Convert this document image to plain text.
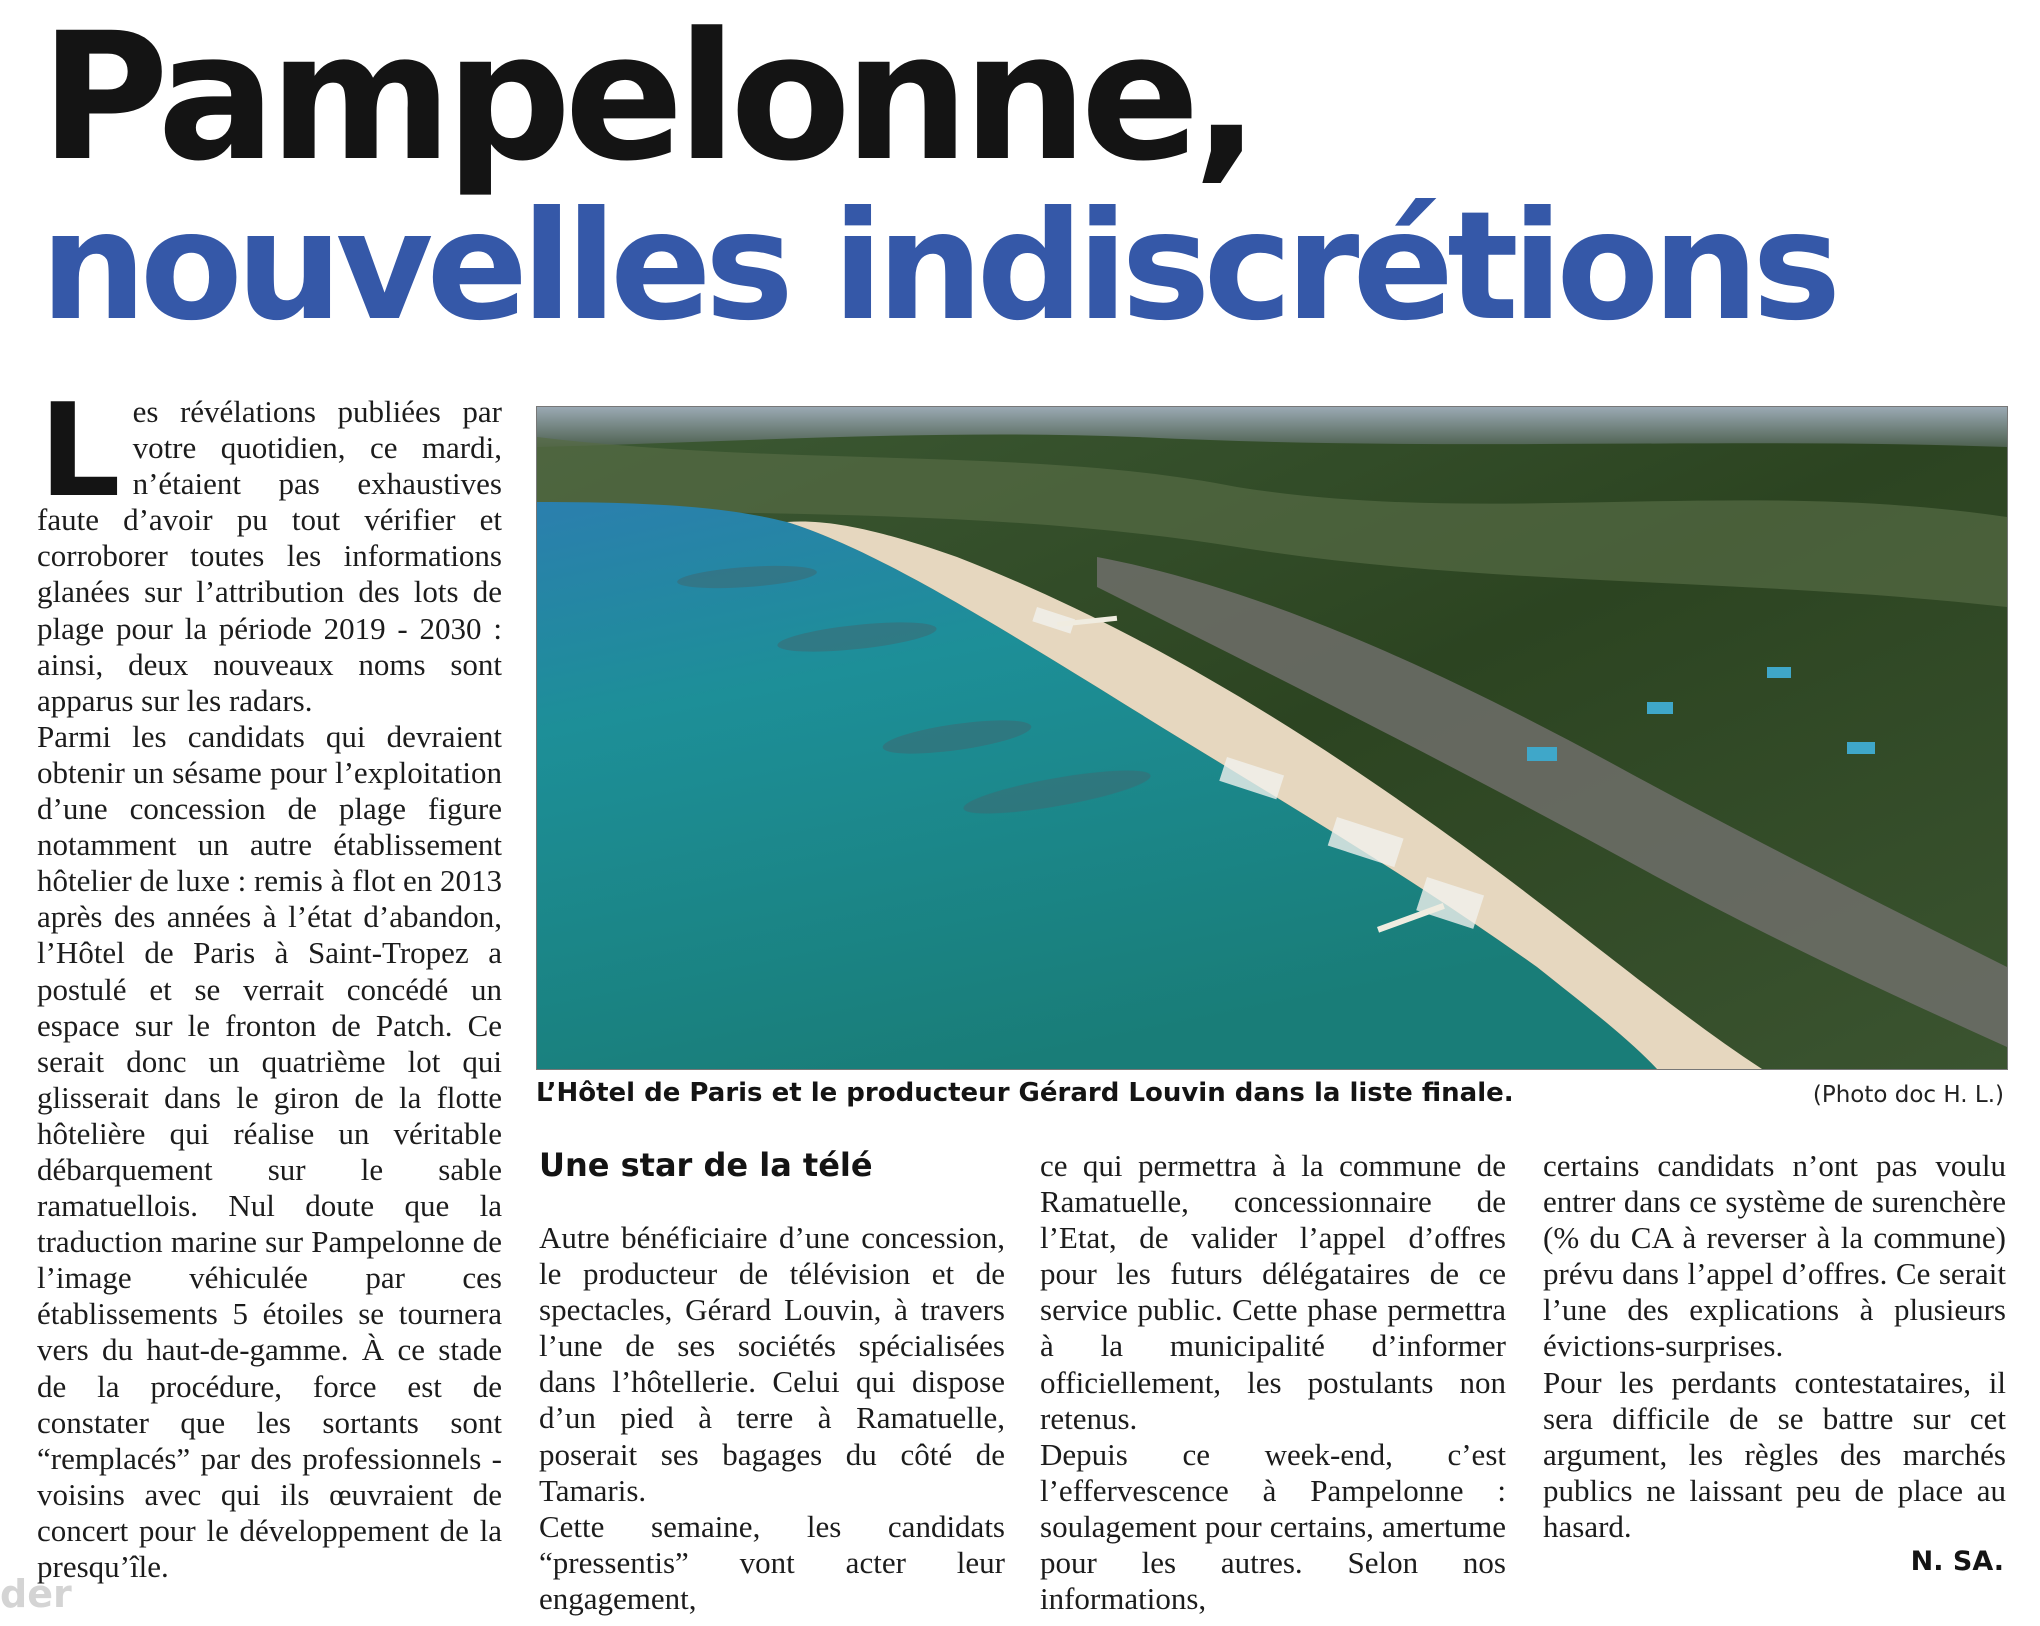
Pampelonne,
nouvelles indiscrétions
L es révélations publiées par votre quotidien, ce mardi, n’étaient pas exhaustives faute d’avoir pu tout vérifier et corroborer toutes les informations glanées sur l’attribution des lots de plage pour la période 2019 - 2030 : ainsi, deux nouveaux noms sont apparus sur les radars.

Parmi les candidats qui devraient obtenir un sésame pour l’exploitation d’une concession de plage figure notamment un autre établissement hôtelier de luxe : remis à flot en 2013 après des années à l’état d’abandon, l’Hôtel de Paris à Saint-Tropez a postulé et se verrait concédé un espace sur le fronton de Patch. Ce serait donc un quatrième lot qui glisserait dans le giron de la flotte hôtelière qui réalise un véritable débarquement sur le sable ramatuellois. Nul doute que la traduction marine sur Pampelonne de l’image véhiculée par ces établissements 5 étoiles se tournera vers du haut-de-gamme. À ce stade de la procédure, force est de constater que les sortants sont “remplacés” par des professionnels - voisins avec qui ils œuvraient de concert pour le développement de la presqu’île.

L’Hôtel de Paris et le producteur Gérard Louvin dans la liste finale.	(Photo doc H. L.)

Une star de la télé

Autre bénéficiaire d’une concession, le producteur de télévision et de spectacles, Gérard Louvin, à travers l’une de ses sociétés spécialisées dans l’hôtellerie. Celui qui dispose d’un pied à terre à Ramatuelle, poserait ses bagages du côté de Tamaris.

Cette semaine, les candidats “pressentis” vont acter leur engagement,

ce qui permettra à la commune de Ramatuelle, concessionnaire de l’Etat, de valider l’appel d’offres pour les futurs délégataires de ce service public. Cette phase permettra à la municipalité d’informer officiellement, les postulants non retenus.

Depuis ce week-end, c’est l’effervescence à Pampelonne : soulagement pour certains, amertume pour les autres. Selon nos informations,

certains candidats n’ont pas voulu entrer dans ce système de surenchère (% du CA à reverser à la commune) prévu dans l’appel d’offres. Ce serait l’une des explications à plusieurs évictions-surprises.

Pour les perdants contestataires, il sera difficile de se battre sur cet argument, les règles des marchés publics ne laissant peu de place au hasard.

N. SA.

der
